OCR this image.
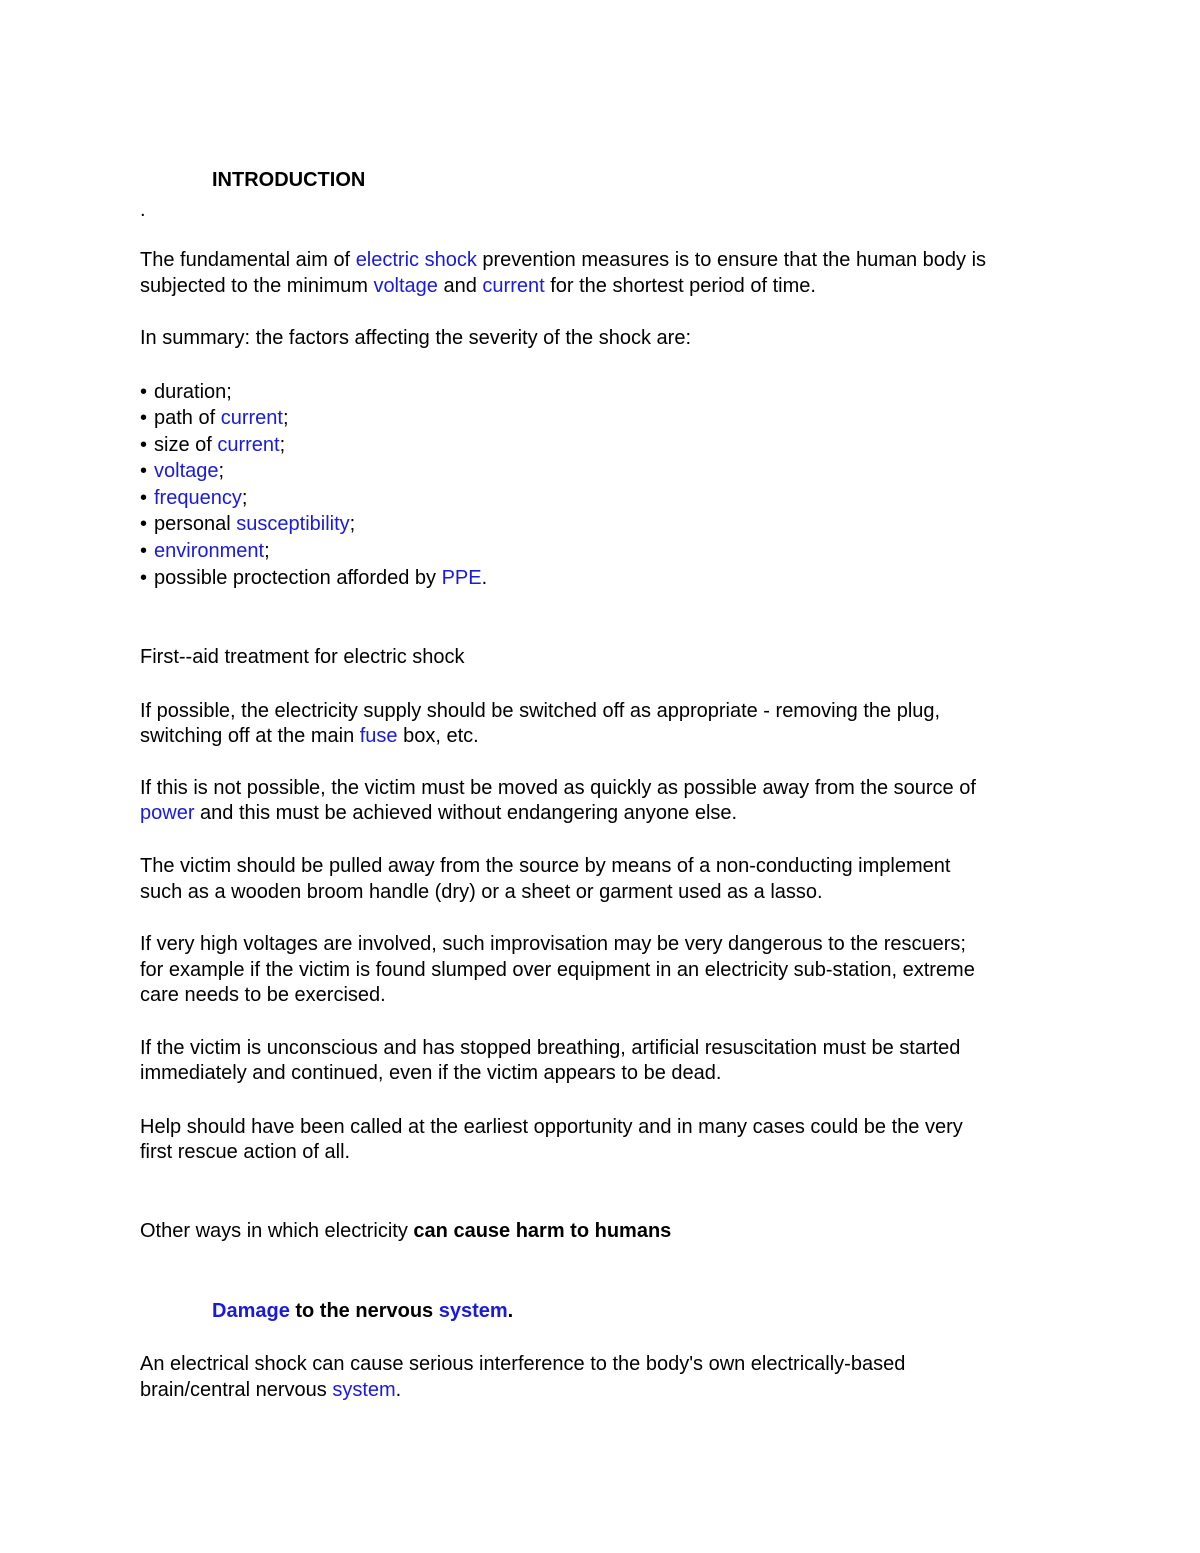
INTRODUCTION
.
The fundamental aim of electric shock prevention measures is to ensure that the human body is
subjected to the minimum voltage and current for the shortest period of time.
In summary: the factors affecting the severity of the shock are:
• duration;
• path of current;
• size of current;
• voltage;
• frequency;
• personal susceptibility;
• environment;
• possible proctection afforded by PPE.
First--aid treatment for electric shock
If possible, the electricity supply should be switched off as appropriate - removing the plug,
switching off at the main fuse box, etc.
If this is not possible, the victim must be moved as quickly as possible away from the source of
power and this must be achieved without endangering anyone else.
The victim should be pulled away from the source by means of a non-conducting implement
such as a wooden broom handle (dry) or a sheet or garment used as a lasso.
If very high voltages are involved, such improvisation may be very dangerous to the rescuers;
for example if the victim is found slumped over equipment in an electricity sub-station, extreme
care needs to be exercised.
If the victim is unconscious and has stopped breathing, artificial resuscitation must be started
immediately and continued, even if the victim appears to be dead.
Help should have been called at the earliest opportunity and in many cases could be the very
first rescue action of all.
Other ways in which electricity can cause harm to humans
Damage to the nervous system.
An electrical shock can cause serious interference to the body's own electrically-based
brain/central nervous system.
